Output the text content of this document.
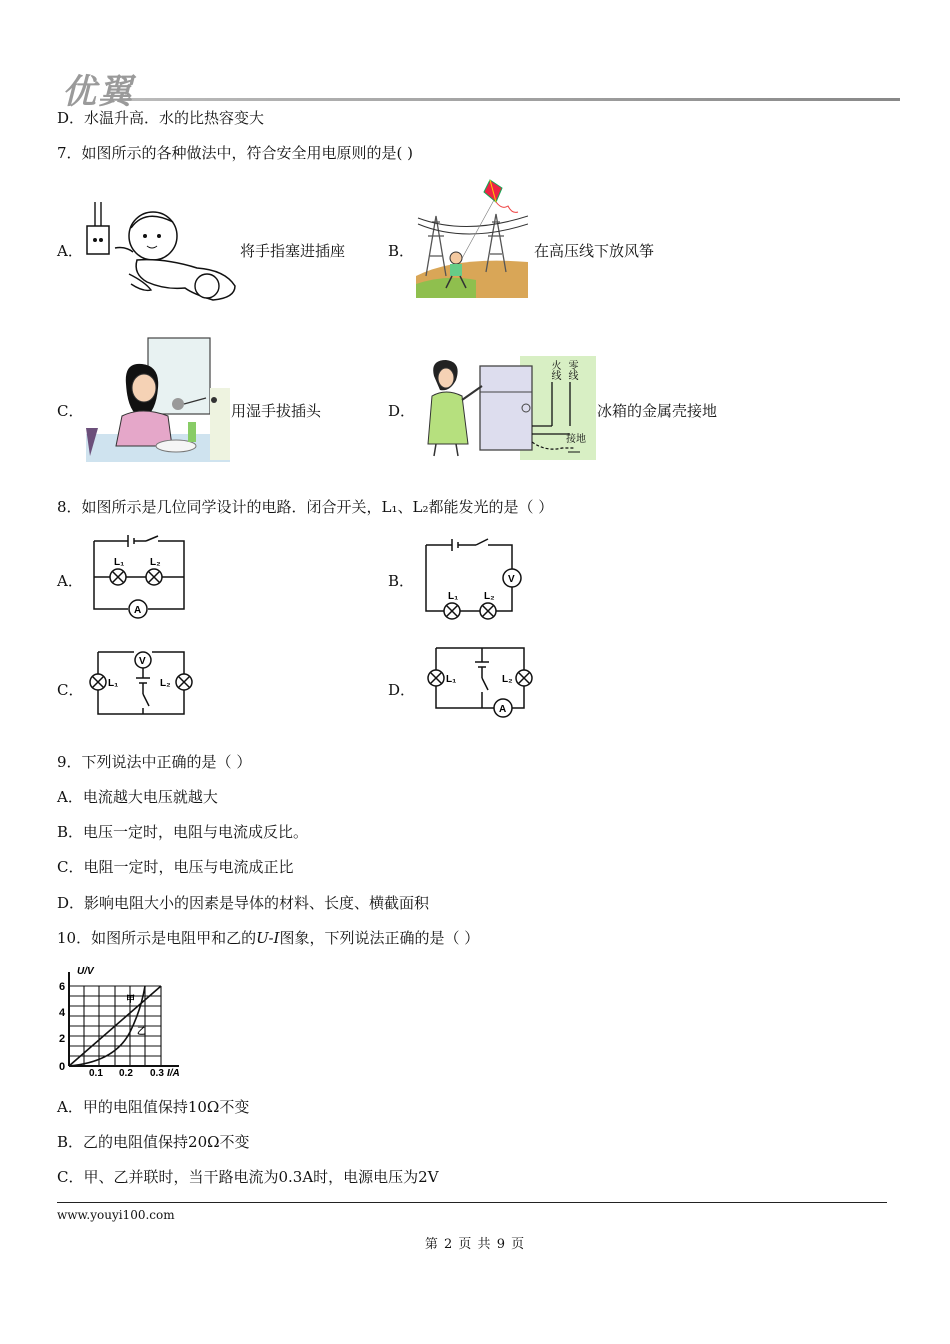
优翼
D．水温升高．水的比热容变大
7．如图所示的各种做法中，符合安全用电原则的是( )
A．	将手指塞进插座	B．	在高压线下放风筝
C．	用湿手拔插头	D．
火线 零线
接地
冰箱的金属壳接地
8．如图所示是几位同学设计的电路．闭合开关，L₁、L₂都能发光的是（ ）
A．
L₁	L₂
A
B．	V
L₁	L₂
C．
V
L₁	L₂	D．
L₁	L₂
A
9．下列说法中正确的是（ ）
A．电流越大电压就越大
B．电压一定时，电阻与电流成反比。
C．电阻一定时，电压与电流成正比
D．影响电阻大小的因素是导体的材料、长度、横截面积
10．如图所示是电阻甲和乙的U-I图象，下列说法正确的是（ ）
U/V
I/A
6
4
2
0
0.1 0.2 0.3
甲
乙
A．甲的电阻值保持10Ω不变
B．乙的电阻值保持20Ω不变
C．甲、乙并联时，当干路电流为0.3A时，电源电压为2V
www.youyi100.com
第 2 页 共 9 页
